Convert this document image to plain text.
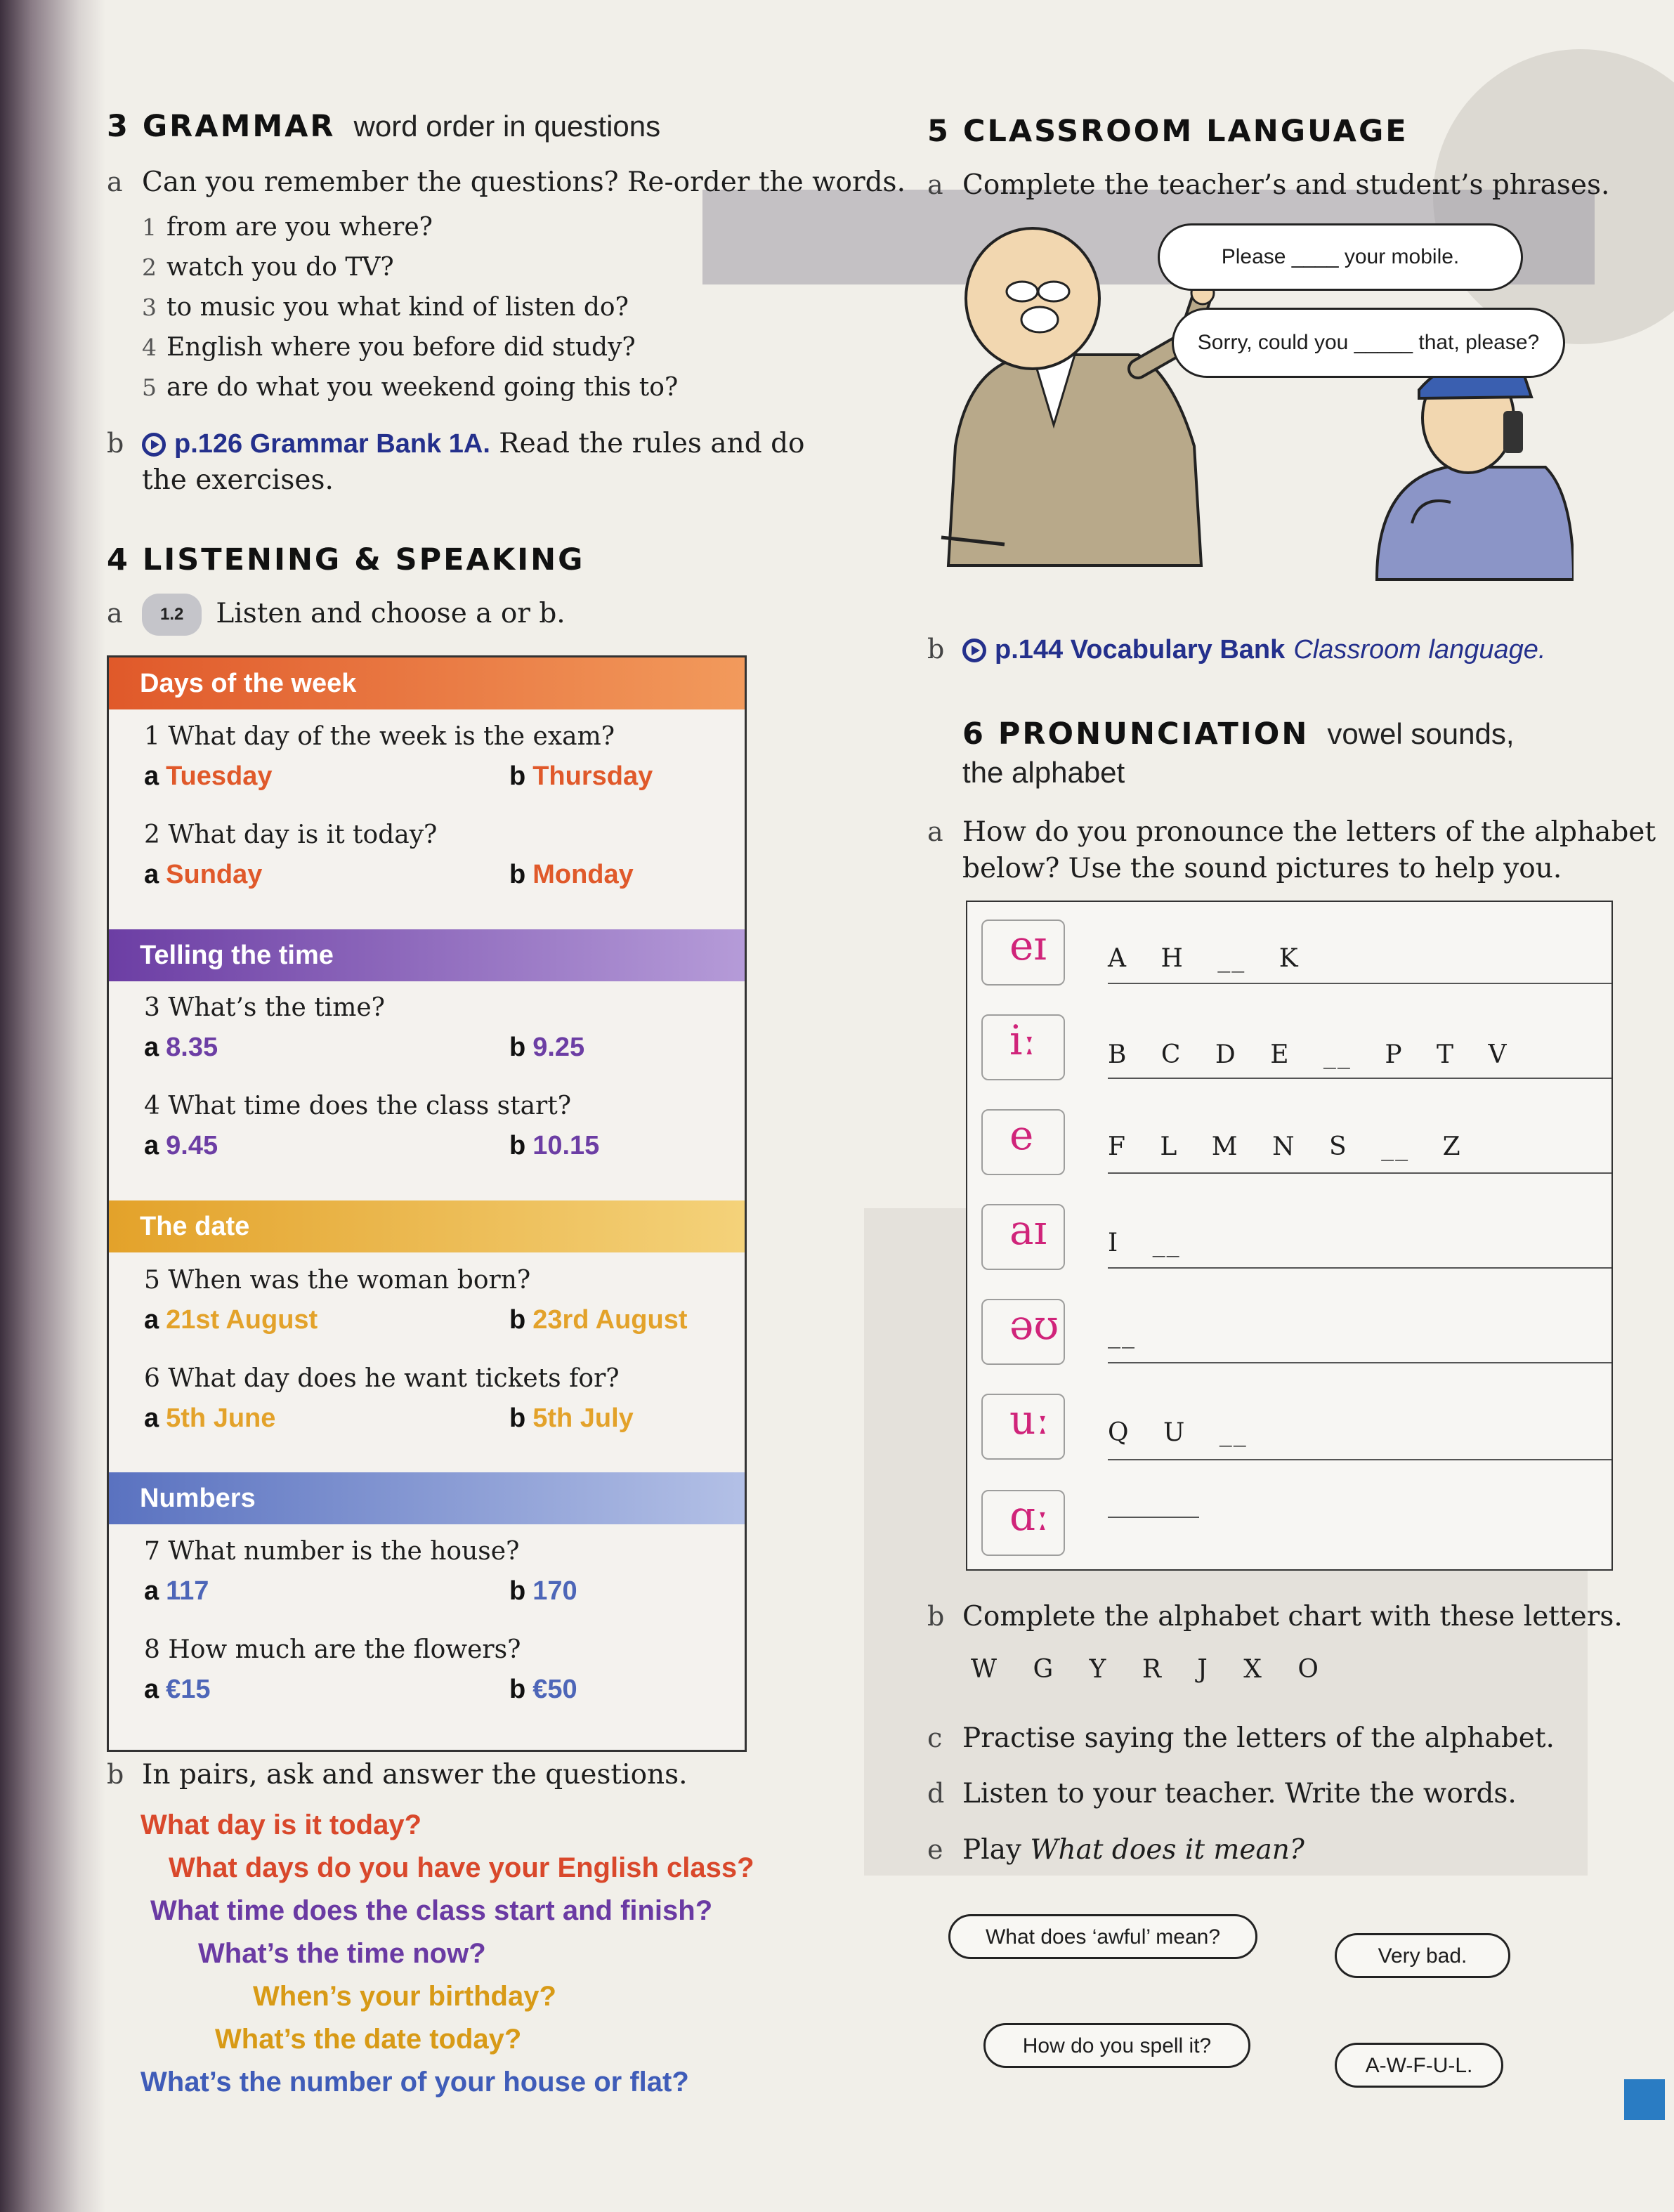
3 GRAMMAR word order in questions
a Can you remember the questions? Re-order the words.
1 from are you where?
2 watch you do TV?
3 to music you what kind of listen do?
4 English where you before did study?
5 are do what you weekend going this to?
b p.126 Grammar Bank 1A. Read the rules and do
the exercises.
4 LISTENING & SPEAKING
a 1.2 Listen and choose a or b.
Days of the week
1 What day of the week is the exam?
a Tuesday	b Thursday
2 What day is it today?
a Sunday	b Monday
Telling the time
3 What’s the time?
a 8.35	b 9.25
4 What time does the class start?
a 9.45	b 10.15
The date
5 When was the woman born?
a 21st August	b 23rd August
6 What day does he want tickets for?
a 5th June	b 5th July
Numbers
7 What number is the house?
a 117	b 170
8 How much are the flowers?
a €15	b €50
b In pairs, ask and answer the questions.
What day is it today?
What days do you have your English class?
What time does the class start and finish?
What’s the time now?
When’s your birthday?
What’s the date today?
What’s the number of your house or flat?
5 CLASSROOM LANGUAGE
a Complete the teacher’s and student’s phrases.
Please ____ your mobile.
Sorry, could you _____ that, please?
b p.144 Vocabulary Bank Classroom language.
6 PRONUNCIATION vowel sounds,
the alphabet
a How do you pronounce the letters of the alphabet
below? Use the sound pictures to help you.
eɪ A H __ K
iː	B C D E __ P T V
e	F L M N S __ Z
aɪ I __
əʊ __
uː Q U __
ɑː
b Complete the alphabet chart with these letters.
W G Y R J X O
c Practise saying the letters of the alphabet.
d Listen to your teacher. Write the words.
e Play What does it mean?
What does ‘awful’ mean?
Very bad.
How do you spell it?
A-W-F-U-L.
